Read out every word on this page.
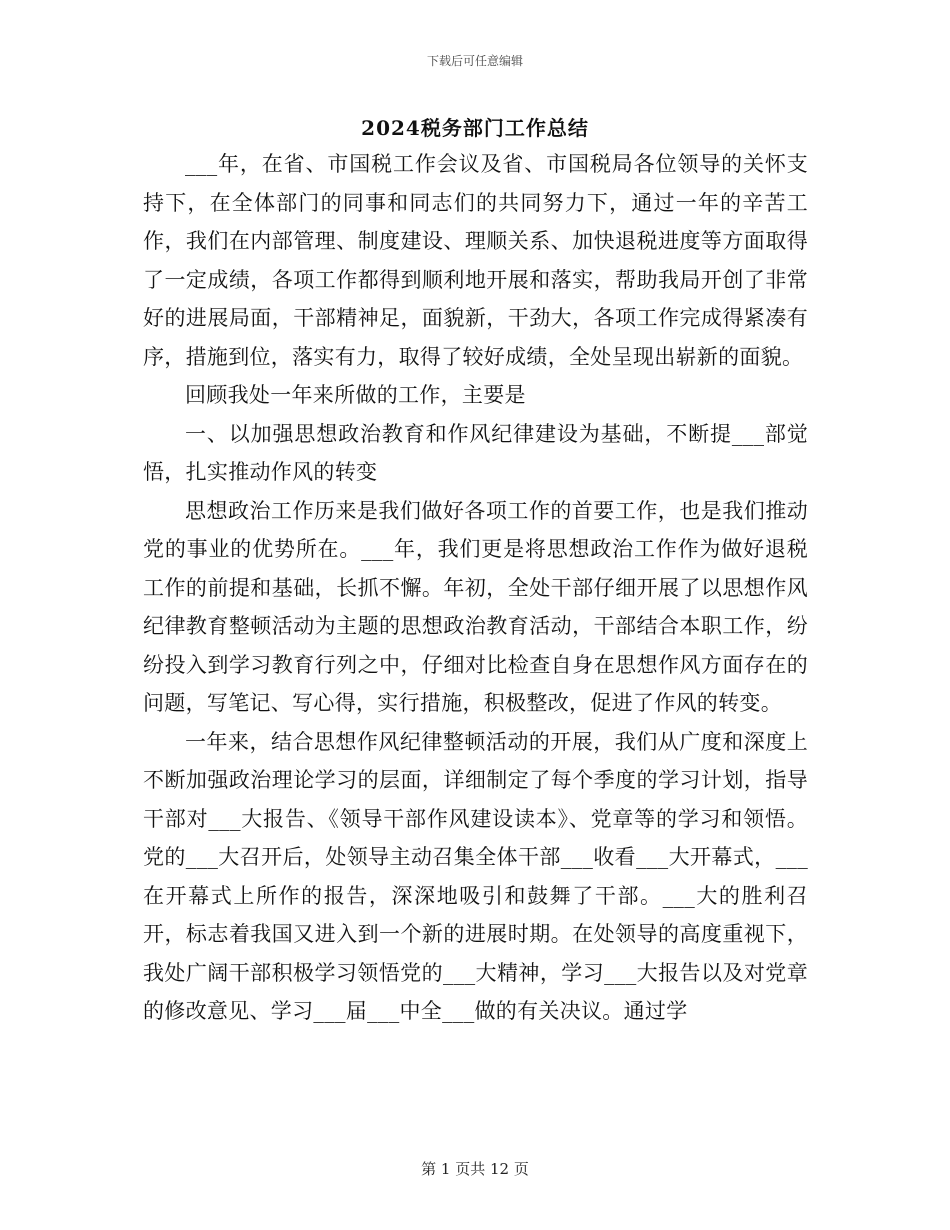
下载后可任意编辑
2024税务部门工作总结

___年，在省、市国税工作会议及省、市国税局各位领导的关怀支持下，在全体部门的同事和同志们的共同努力下，通过一年的辛苦工作，我们在内部管理、制度建设、理顺关系、加快退税进度等方面取得了一定成绩，各项工作都得到顺利地开展和落实，帮助我局开创了非常好的进展局面，干部精神足，面貌新，干劲大，各项工作完成得紧凑有序，措施到位，落实有力，取得了较好成绩，全处呈现出崭新的面貌。

回顾我处一年来所做的工作，主要是

一、以加强思想政治教育和作风纪律建设为基础，不断提___部觉悟，扎实推动作风的转变

思想政治工作历来是我们做好各项工作的首要工作，也是我们推动党的事业的优势所在。___年，我们更是将思想政治工作作为做好退税工作的前提和基础，长抓不懈。年初，全处干部仔细开展了以思想作风纪律教育整顿活动为主题的思想政治教育活动，干部结合本职工作，纷纷投入到学习教育行列之中，仔细对比检查自身在思想作风方面存在的问题，写笔记、写心得，实行措施，积极整改，促进了作风的转变。

一年来，结合思想作风纪律整顿活动的开展，我们从广度和深度上不断加强政治理论学习的层面，详细制定了每个季度的学习计划，指导干部对___大报告、《领导干部作风建设读本》、党章等的学习和领悟。党的___大召开后，处领导主动召集全体干部___收看___大开幕式，___在开幕式上所作的报告，深深地吸引和鼓舞了干部。___大的胜利召开，标志着我国又进入到一个新的进展时期。在处领导的高度重视下，我处广阔干部积极学习领悟党的___大精神，学习___大报告以及对党章的修改意见、学习___届___中全___做的有关决议。通过学

第 1 页共 12 页
